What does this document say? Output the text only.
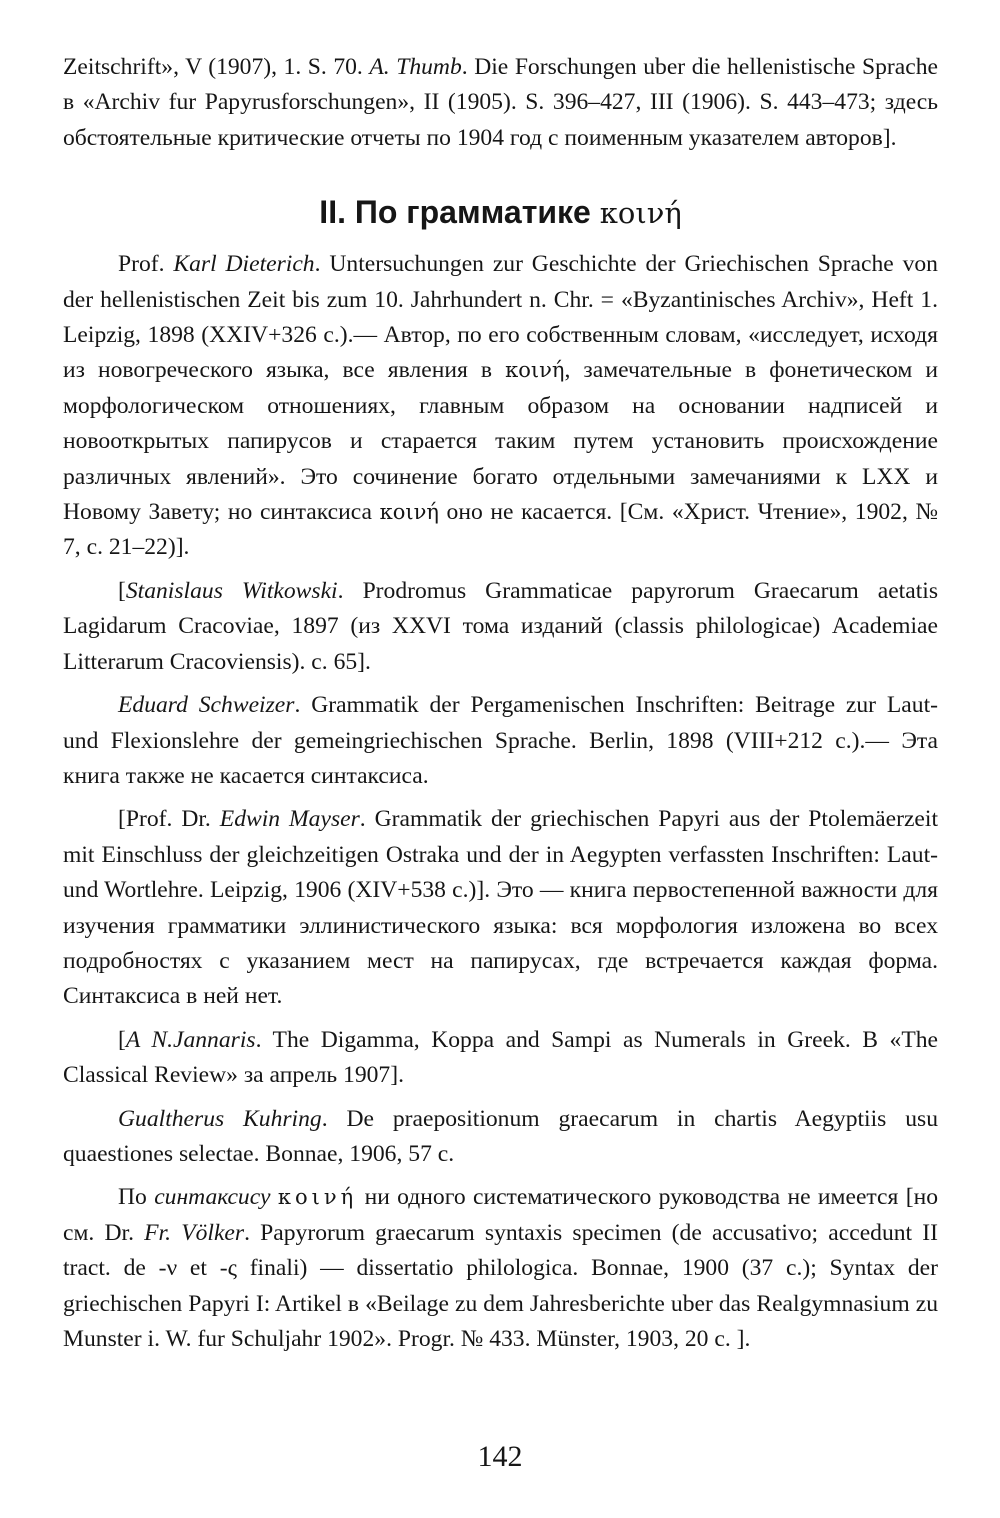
Zeitschrift», V (1907), 1. S. 70. A. Thumb. Die Forschungen uber die hellenistische Sprache в «Archiv fur Papyrusforschungen», II (1905). S. 396–427, III (1906). S. 443–473; здесь обстоятельные критические отчеты по 1904 год с поименным указателем авторов].

II. По грамматике κοινή

Prof. Karl Dieterich. Untersuchungen zur Geschichte der Griechischen Sprache von der hellenistischen Zeit bis zum 10. Jahrhundert n. Chr. = «Byzantinisches Archiv», Heft 1. Leipzig, 1898 (XXIV+326 с.).— Автор, по его собственным словам, «исследует, исходя из новогреческого языка, все явления в κοινή, замечательные в фонетическом и морфологическом отношениях, главным образом на основании надписей и новооткрытых папирусов и старается таким путем установить происхождение различных явлений». Это сочинение богато отдельными замечаниями к LXX и Новому Завету; но синтаксиса κοινή оно не касается. [См. «Христ. Чтение», 1902, № 7, с. 21–22)].

[Stanislaus Witkowski. Prodromus Grammaticae papyrorum Graecarum aetatis Lagidarum Cracoviae, 1897 (из XXVI тома изданий (classis philologicae) Academiae Litterarum Cracoviensis). с. 65].

Eduard Schweizer. Grammatik der Pergamenischen Inschriften: Beitrage zur Laut- und Flexionslehre der gemeingriechischen Sprache. Berlin, 1898 (VIII+212 с.).— Эта книга также не касается синтаксиса.

[Prof. Dr. Edwin Mayser. Grammatik der griechischen Papyri aus der Ptolemäerzeit mit Einschluss der gleichzeitigen Ostraka und der in Aegypten verfassten Inschriften: Laut- und Wortlehre. Leipzig, 1906 (XIV+538 с.)]. Это — книга первостепенной важности для изучения грамматики эллинистического языка: вся морфология изложена во всех подробностях с указанием мест на папирусах, где встречается каждая форма. Синтаксиса в ней нет.

[A N.Jannaris. The Digamma, Koppa and Sampi as Numerals in Greek. В «The Classical Review» за апрель 1907].

Gualtherus Kuhring. De praepositionum graecarum in chartis Aegyptiis usu quaestiones selectae. Bonnae, 1906, 57 с.

По синтаксису κοινή ни одного систематического руководства не имеется [но см. Dr. Fr. Völker. Papyrorum graecarum syntaxis specimen (de accusativo; accedunt II tract. de -ν et -ς finali) — dissertatio philologica. Bonnae, 1900 (37 с.); Syntax der griechischen Papyri I: Artikel в «Beilage zu dem Jahresberichte uber das Realgymnasium zu Munster i. W. fur Schuljahr 1902». Progr. № 433. Münster, 1903, 20 с. ].

142
